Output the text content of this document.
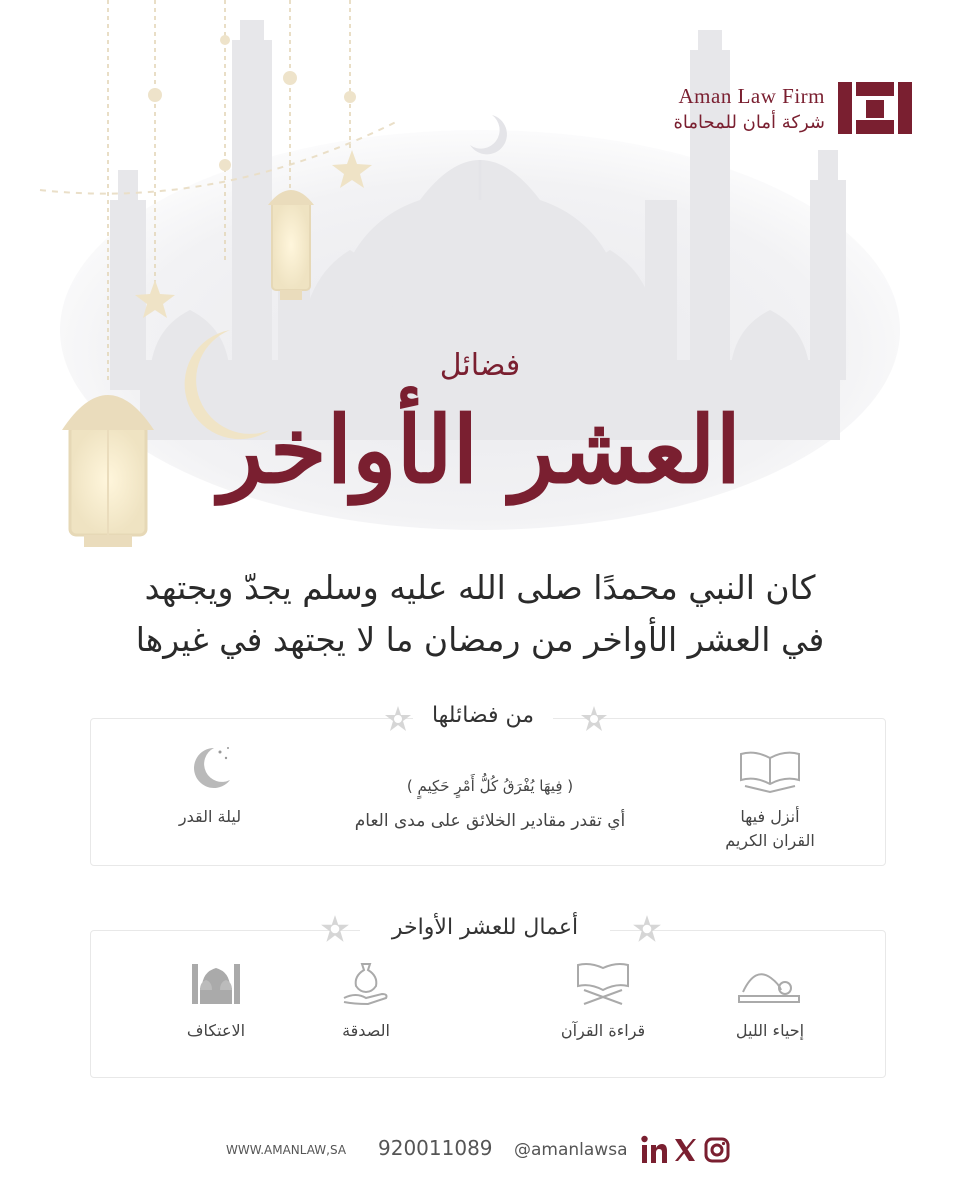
Aman Law Firm
شركة أمان للمحاماة
فضائل
العشر الأواخر
كان النبي محمدًا صلى الله عليه وسلم يجدّ ويجتهد
في العشر الأواخر من رمضان ما لا يجتهد في غيرها
من فضائلها
أنزل فيها
القران الكريم
( فِيهَا يُفْرَقُ كُلُّ أَمْرٍ حَكِيمٍ )
أي تقدر مقادير الخلائق على مدى العام
ليلة القدر
أعمال للعشر الأواخر
إحياء الليل
قراءة القرآن
الصدقة
الاعتكاف
WWW.AMANLAW,SA 920011089 @amanlawsa
